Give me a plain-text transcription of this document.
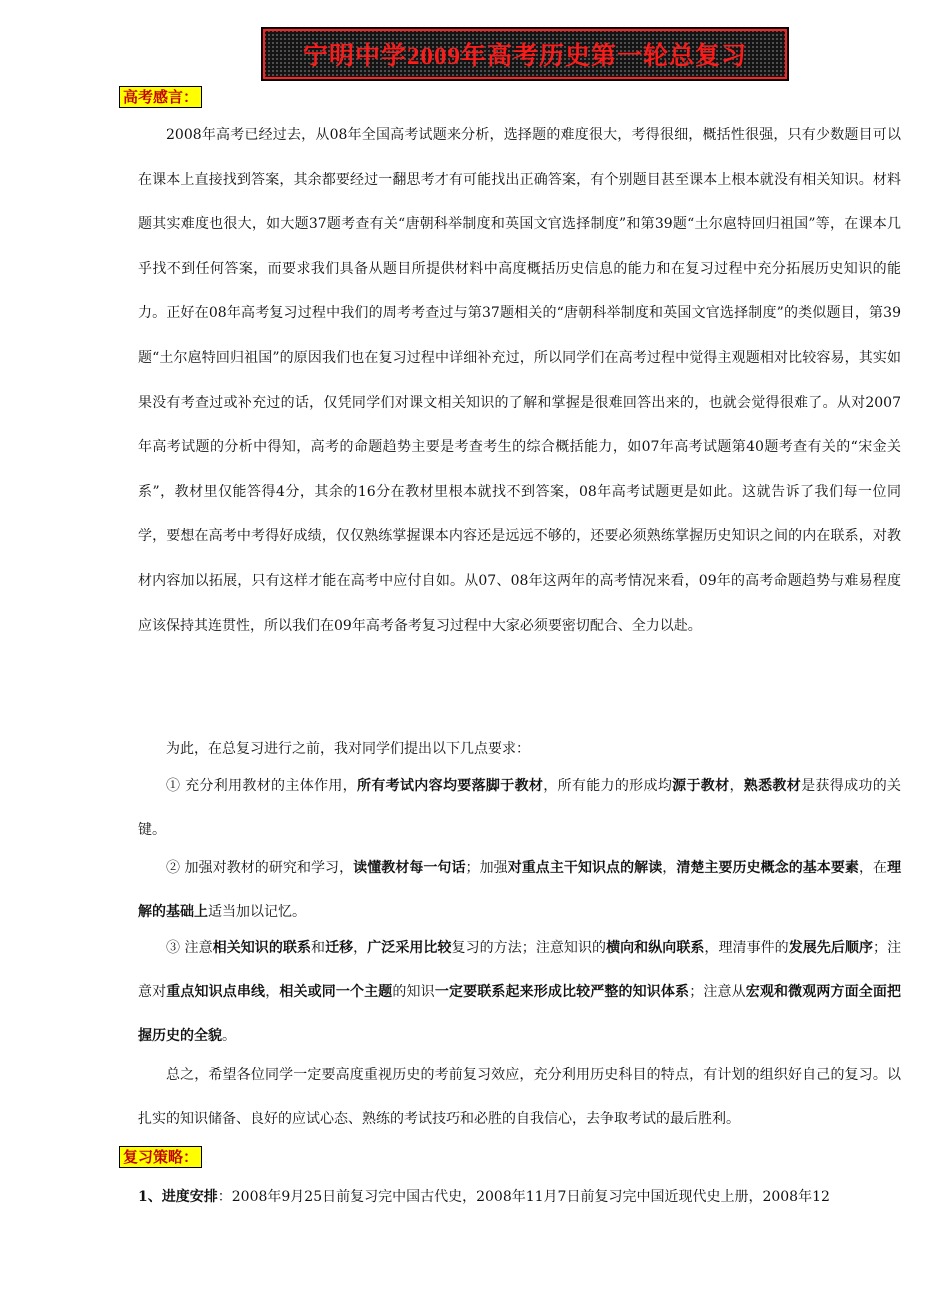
宁明中学2009年高考历史第一轮总复习
高考感言：

2008年高考已经过去，从08年全国高考试题来分析，选择题的难度很大，考得很细，概括性很强，只有少数题目可以在课本上直接找到答案，其余都要经过一翻思考才有可能找出正确答案，有个别题目甚至课本上根本就没有相关知识。材料题其实难度也很大，如大题37题考查有关“唐朝科举制度和英国文官选择制度”和第39题“土尔扈特回归祖国”等，在课本几乎找不到任何答案，而要求我们具备从题目所提供材料中高度概括历史信息的能力和在复习过程中充分拓展历史知识的能力。正好在08年高考复习过程中我们的周考考查过与第37题相关的“唐朝科举制度和英国文官选择制度”的类似题目，第39题“土尔扈特回归祖国”的原因我们也在复习过程中详细补充过，所以同学们在高考过程中觉得主观题相对比较容易，其实如果没有考查过或补充过的话，仅凭同学们对课文相关知识的了解和掌握是很难回答出来的，也就会觉得很难了。从对2007年高考试题的分析中得知，高考的命题趋势主要是考查考生的综合概括能力，如07年高考试题第40题考查有关的“宋金关系”，教材里仅能答得4分，其余的16分在教材里根本就找不到答案，08年高考试题更是如此。这就告诉了我们每一位同学，要想在高考中考得好成绩，仅仅熟练掌握课本内容还是远远不够的，还要必须熟练掌握历史知识之间的内在联系，对教材内容加以拓展，只有这样才能在高考中应付自如。从07、08年这两年的高考情况来看，09年的高考命题趋势与难易程度应该保持其连贯性，所以我们在09年高考备考复习过程中大家必须要密切配合、全力以赴。

为此，在总复习进行之前，我对同学们提出以下几点要求：

① 充分利用教材的主体作用，所有考试内容均要落脚于教材，所有能力的形成均源于教材，熟悉教材是获得成功的关键。

② 加强对教材的研究和学习，读懂教材每一句话；加强对重点主干知识点的解读，清楚主要历史概念的基本要素，在理解的基础上适当加以记忆。

③ 注意相关知识的联系和迁移，广泛采用比较复习的方法；注意知识的横向和纵向联系，理清事件的发展先后顺序；注意对重点知识点串线，相关或同一个主题的知识一定要联系起来形成比较严整的知识体系；注意从宏观和微观两方面全面把握历史的全貌。

总之，希望各位同学一定要高度重视历史的考前复习效应，充分利用历史科目的特点，有计划的组织好自己的复习。以扎实的知识储备、良好的应试心态、熟练的考试技巧和必胜的自我信心，去争取考试的最后胜利。

复习策略：

1、进度安排：2008年9月25日前复习完中国古代史，2008年11月7日前复习完中国近现代史上册，2008年12
